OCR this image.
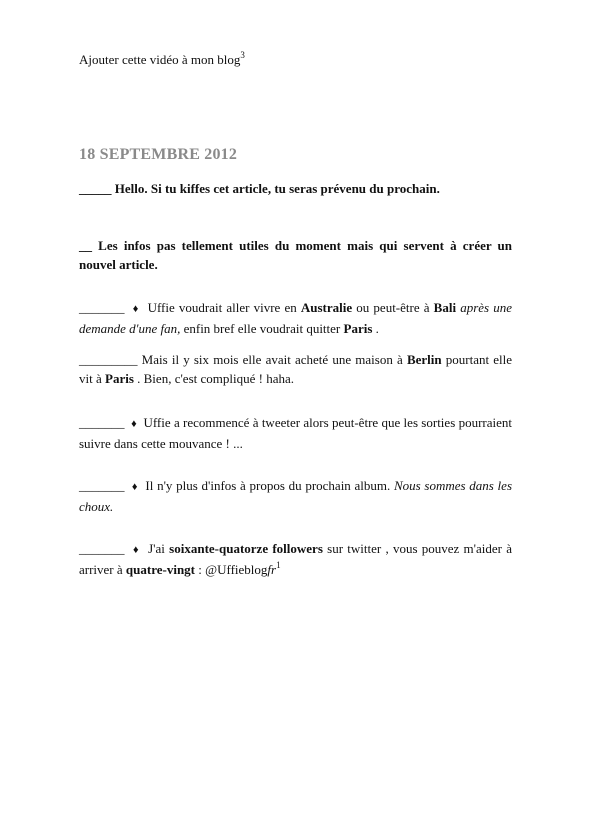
Ajouter cette vidéo à mon blog$^3$
18 SEPTEMBRE 2012
_____ Hello. Si tu kiffes cet article, tu seras prévenu du prochain.
__ Les infos pas tellement utiles du moment mais qui servent à créer un nouvel article.
_______ ♦ Uffie voudrait aller vivre en Australie ou peut-être à Bali après une demande d'une fan, enfin bref elle voudrait quitter Paris .
_________ Mais il y six mois elle avait acheté une maison à Berlin pourtant elle vit à Paris . Bien, c'est compliqué ! haha.
_______ ♦ Uffie a recommencé à tweeter alors peut-être que les sorties pourraient suivre dans cette mouvance ! ...
_______ ♦ Il n'y plus d'infos à propos du prochain album. Nous sommes dans les choux.
_______ ♦ J'ai soixante-quatorze followers sur twitter , vous pouvez m'aider à arriver à quatre-vingt : @Uffieblogfr$^1$
